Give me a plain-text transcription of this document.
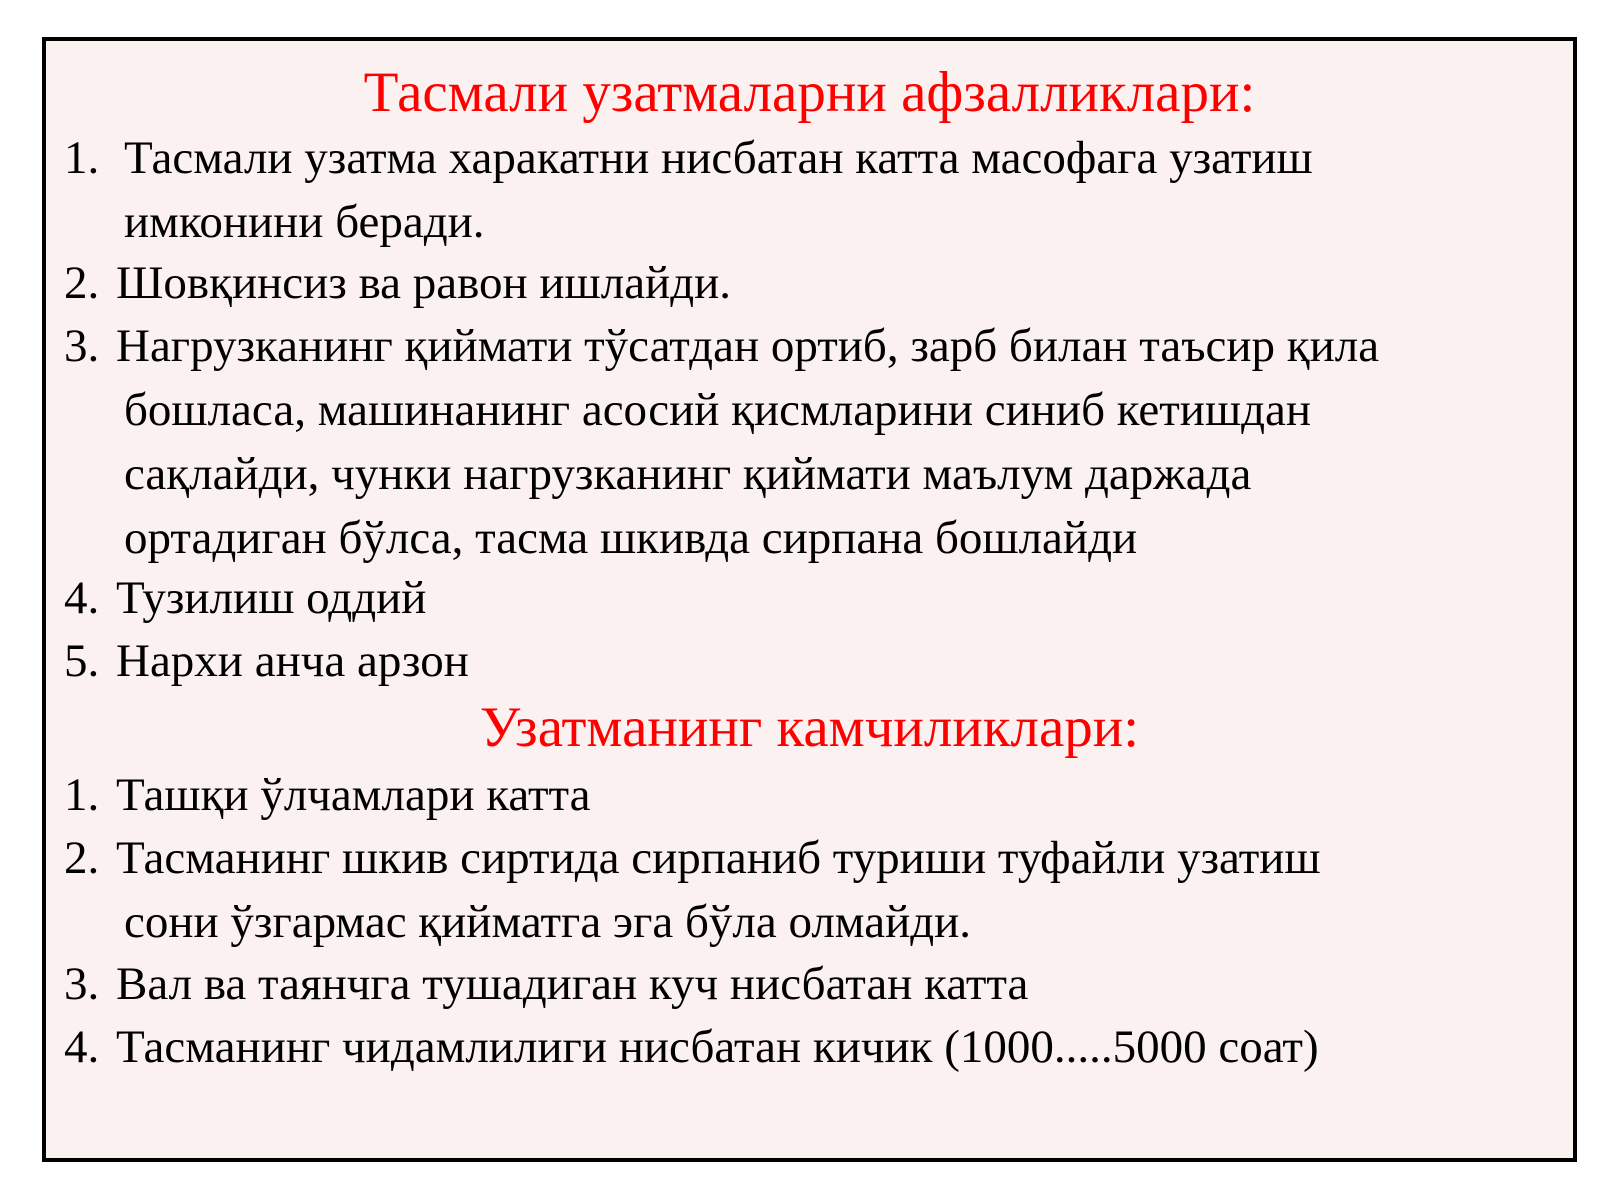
Тасмали узатмаларни афзалликлари:
1. Тасмали узатма харакатни нисбатан катта масофага узатиш
имконини беради.
2. Шовқинсиз ва равон ишлайди.
3. Нагрузканинг қиймати тўсатдан ортиб, зарб билан таъсир қила
бошласа, машинанинг асосий қисмларини синиб кетишдан
сақлайди, чунки нагрузканинг қиймати маълум даржада
ортадиган бўлса, тасма шкивда сирпана бошлайди
4. Тузилиш оддий
5. Нархи анча арзон
Узатманинг камчиликлари:
1. Ташқи ўлчамлари катта
2. Тасманинг шкив сиртида сирпаниб туриши туфайли узатиш
сони ўзгармас қийматга эга бўла олмайди.
3. Вал ва таянчга тушадиган куч нисбатан катта
4. Тасманинг чидамлилиги нисбатан кичик (1000.....5000 соат)
